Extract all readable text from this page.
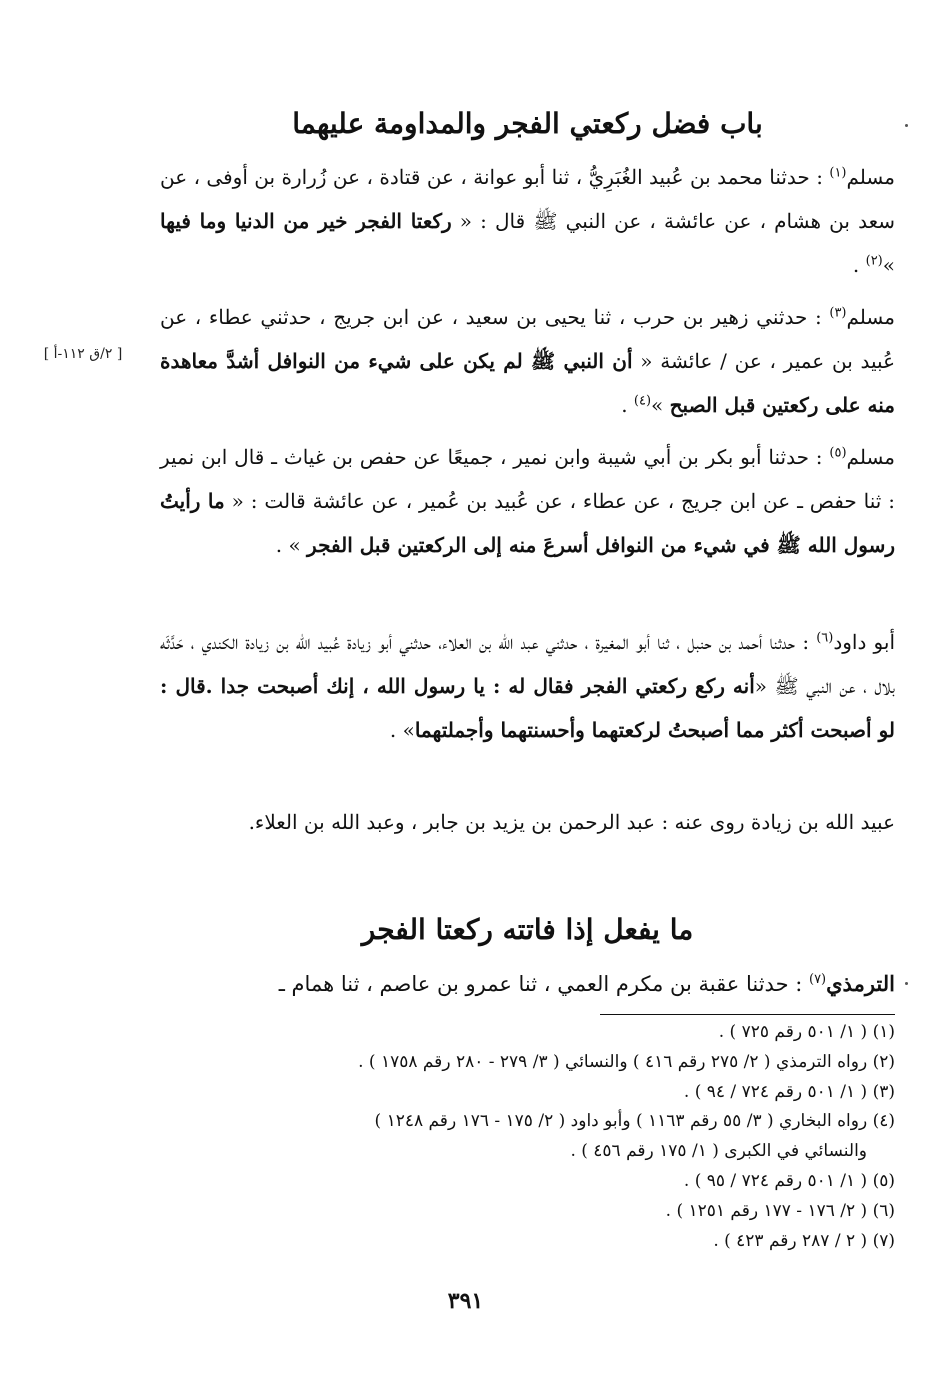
باب فضل ركعتي الفجر والمداومة عليهما
مسلم$^{(١)}$ : حدثنا محمد بن عُبيد الغُبَرِيُّ ، ثنا أبو عوانة ، عن قتادة ، عن زُرارة بن أوفى ، عن سعد بن هشام ، عن عائشة ، عن النبي ﷺ قال : « ركعتا الفجر خير من الدنيا وما فيها »$^{(٢)}$ .
مسلم$^{(٣)}$ : حدثني زهير بن حرب ، ثنا يحيى بن سعيد ، عن ابن جريج ، حدثني عطاء ، عن عُبيد بن عمير ، عن / عائشة « أن النبي ﷺ لم يكن على شيء من النوافل أشدَّ معاهدة منه على ركعتين قبل الصبح »$^{(٤)}$ .
[ ٢/ق ١١٢-أ ]
مسلم$^{(٥)}$ : حدثنا أبو بكر بن أبي شيبة وابن نمير ، جميعًا عن حفص بن غياث ـ قال ابن نمير : ثنا حفص ـ عن ابن جريج ، عن عطاء ، عن عُبيد بن عُمير ، عن عائشة قالت : « ما رأيتُ رسول الله ﷺ في شيء من النوافل أسرعَ منه إلى الركعتين قبل الفجر » .
أبو داود$^{(٦)}$ : حدثنا أحمد بن حنبل ، ثنا أبو المغيرة ، حدثني عبد الله بن العلاء، حدثني أبو زيادة عُبيد الله بن زيادة الكندي ، حَدَّثَه بلال ، عن النبي ﷺ «أنه ركع ركعتي الفجر فقال له : يا رسول الله ، إنك أصبحت جدا .قال : لو أصبحت أكثر مما أصبحتُ لركعتهما وأحسنتهما وأجملتهما» .
عبيد الله بن زيادة روى عنه : عبد الرحمن بن يزيد بن جابر ، وعبد الله بن العلاء.
ما يفعل إذا فاتته ركعتا الفجر
الترمذي$^{(٧)}$ : حدثنا عقبة بن مكرم العمي ، ثنا عمرو بن عاصم ، ثنا همام ـ
(١) ( ١/ ٥٠١ رقم ٧٢٥ ) .
(٢) رواه الترمذي ( ٢/ ٢٧٥ رقم ٤١٦ ) والنسائي ( ٣/ ٢٧٩ - ٢٨٠ رقم ١٧٥٨ ) .
(٣) ( ١/ ٥٠١ رقم ٧٢٤ / ٩٤ ) .
(٤) رواه البخاري ( ٣/ ٥٥ رقم ١١٦٣ ) وأبو داود ( ٢/ ١٧٥ - ١٧٦ رقم ١٢٤٨ )
والنسائي في الكبرى ( ١/ ١٧٥ رقم ٤٥٦ ) .
(٥) ( ١/ ٥٠١ رقم ٧٢٤ / ٩٥ ) .
(٦) ( ٢/ ١٧٦ - ١٧٧ رقم ١٢٥١ ) .
(٧) ( ٢ / ٢٨٧ رقم ٤٢٣ ) .
٣٩١
